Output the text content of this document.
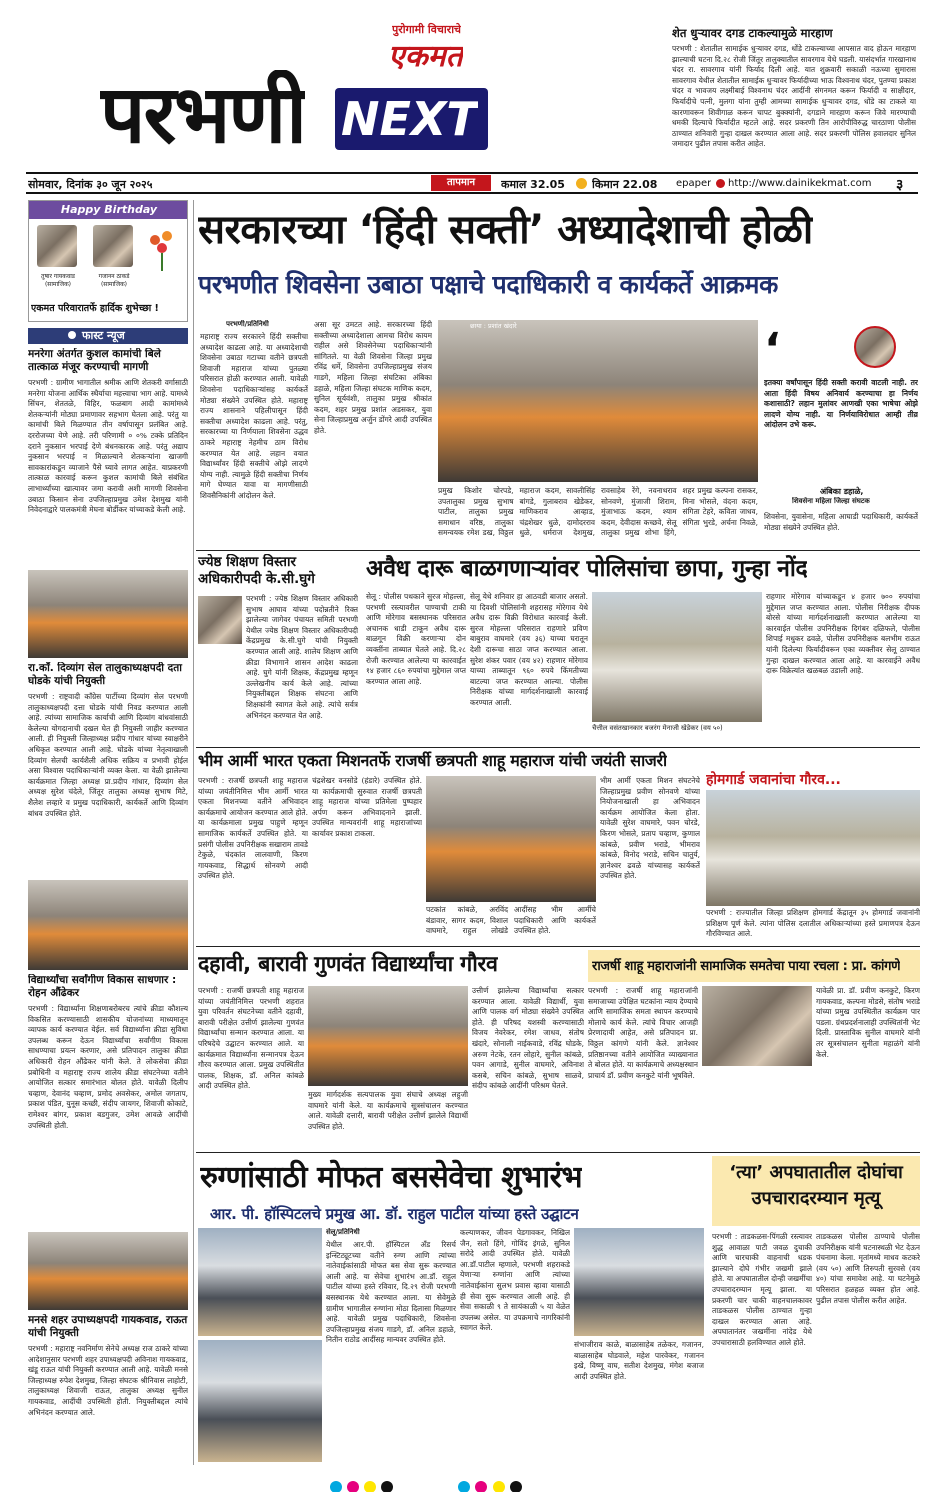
पुरोगामी विचाराचे
एकमत
परभणी NEXT
शेत धुऱ्यावर दगड टाकल्यामुळे मारहाण
परभणी : शेतातील सामाईक धुऱ्यावर दगड, धोंडे टाकल्याच्या आपसात वाद होऊन मारहाण झाल्याची घटना दि.२८ रोजी जिंतूर तालुक्यातील सावरगाव येथे घडली. यासंदर्भात गारखानाथ चंदर रा. सावरगाव यांनी फिर्याद दिली आहे. यात शुक्रवारी सकाळी नऊच्या सुमारास सावरगाव येथील शेतातील सामाईक धुऱ्यावर फिर्यादीच्या भाऊ विश्वनाथ चंदर, पुतण्या प्रकाश चंदर व भावजय लक्ष्मीबाई विश्वनाथ चंदर आदींनी संगनमत करून फिर्यादी व साक्षीदार, फिर्यादीचे पत्नी, मुलगा यांना तुम्ही आमच्या सामाईक धुऱ्यावर दगड, धोंडे का टाकले या कारणावरून शिवीगाळ करून चापट बुक्क्यांनी, दगडाने मारहाण करून जिवे मारण्याची धमकी दिल्याचे फिर्यादीत म्हटले आहे. सदर प्रकरणी तिन आरोपीविरुद्ध चारठाणा पोलीस ठाण्यात शनिवारी गुन्हा दाखल करण्यात आला आहे. सदर प्रकरणी पोलिस हवालदार सुनिल जमादार पुढील तपास करीत आहेत.
सोमवार, दिनांक ३० जून २०२५	तापमान	कमाल 32.05 किमान 22.08 epaper http://www.dainikekmat.com ३
Happy Birthday
तुषार गायकवाड (सामाजिक)
गजानन ठाकडे (सामाजिक)
एकमत परिवारातर्फे हार्दिक शुभेच्छा !
फास्ट न्यूज
मनरेगा अंतर्गत कुशल कामांची बिले तात्काळ मंजूर करण्याची मागणी
परभणी : ग्रामीण भागातील श्रमीक आणि शेतकरी वर्गासाठी मनरेगा योजना आर्थिक स्थैर्याचा महत्त्वाचा भाग आहे. यामध्ये सिंचन, शेततळे, विहिर, फळबाग आदी कामांमध्ये शेतकऱ्यांनी मोठ्या प्रमाणावर सहभाग घेतला आहे. परंतु या कामांची बिले मिळण्यात तीन वर्षापासून प्रलंबित आहे. दररोजच्या येणे आहे. तरी परिणामी ० ०% टक्के प्रतिदिन दराने नुकसान भरपाई देणे बंधनकारक आहे. परंतु अद्याप नुकसान भरपाई न मिळाल्याने शेतकऱ्यांना खाजगी सावकारांकडून व्याजाने पैसे घ्यावे लागत आहेत. याप्रकरणी तात्काळ कारवाई करून कुशल कामांची बिले संबंधित लाभार्थ्यांच्या खात्यावर जमा करावी अशी मागणी शिवसेना उबाठा किसान सेना उपजिल्हाप्रमुख उमेश देशमुख यांनी निवेदनाद्वारे पालकमंत्री मेघना बोर्डीकर यांच्याकडे केली आहे.
रा.काँ. दिव्यांग सेल तालुकाध्यक्षपदी दता घोडके यांची नियुक्ती
परभणी : राष्ट्रवादी कॉंग्रेस पार्टीच्या दिव्यांग सेल परभणी तालुकाध्यक्षपदी दत्ता घोडके यांची निवड करण्यात आली आहे. त्यांच्या सामाजिक कार्याची आणि दिव्यांग बांधवांसाठी केलेल्या योगदानाची दखल घेत ही नियुक्ती जाहीर करण्यात आली. ही नियुक्ती जिल्हाध्यक्ष प्रदीप गांधार यांच्या स्वाक्षरीने अधिकृत करण्यात आली आहे. घोडके यांच्या नेतृत्वाखाली दिव्यांग सेलची कार्यशैली अधिक सक्रिय व प्रभावी होईल असा विश्वास पदाधिकाऱ्यांनी व्यक्त केला. या वेळी झालेल्या कार्यक्रमात जिल्हा अध्यक्ष प्रा.प्रदीप गांधार, दिव्यांग सेल अध्यक्ष सुरेश चंदेले, जिंतूर तालुका अध्यक्ष सुभाष मिटे, शैलेश लव्हारे व प्रमुख पदाधिकारी, कार्यकर्ते आणि दिव्यांग बांधव उपस्थित होते.
विद्यार्थ्यांचा सर्वांगीण विकास साधणार : रोहन औंढेकर
परभणी : विद्यार्थ्यांना शिक्षणाबरोबरच त्यांचे क्रीडा कौशल्य विकसित करण्यासाठी शासकीय योजनांच्या माध्यमातून व्यापक कार्य करण्यात येईल. सर्व विद्यार्थ्यांना क्रीडा सुविधा उपलब्ध करून देऊन विद्यार्थ्यांचा सर्वांगीण विकास साधण्याचा प्रयत्न करणार, असे प्रतिपादन तालुका क्रीडा अधिकारी रोहन औंढेकर यांनी केले. ते लोकसेवा क्रीडा प्रबोधिनी व महाराष्ट्र राज्य शालेय क्रीडा संघटनेच्या वतीने आयोजित सत्कार समारंभात बोलत होते. यावेळी दिलीप चव्हाण, देवानंद चव्हाण, प्रमोद अवसेकर, अमोल जगताप, प्रकाश पंडित, युनूस कच्छी, संदीप जायगर, शिवाजी कोकाटे, रामेश्वर बांगर, प्रकाश बडगुजर, उमेश आवळे आदींची उपस्थिती होती.
मनसे शहर उपाध्यक्षपदी गायकवाड, राऊत यांची नियुक्ती
परभणी : महाराष्ट्र नवनिर्माण सेनेचे अध्यक्ष राज ठाकरे यांच्या आदेशानुसार परभणी शहर उपाध्यक्षपदी अविनाश गायकवाड, खंडू राऊत यांची नियुक्ती करण्यात आली आहे. यावेळी मनसे जिल्हाध्यक्ष रुपेश देशमुख, जिल्हा संघटक श्रीनिवास लाहोटी, तालुकाध्यक्ष शिवाजी राऊत, तालुका अध्यक्ष सुनील गायकवाड, आदींची उपस्थिती होती. नियुक्तीबद्दल त्यांचे अभिनंदन करण्यात आले.
सरकारच्या ‘हिंदी सक्ती’ अध्यादेशाची होळी
परभणीत शिवसेना उबाठा पक्षाचे पदाधिकारी व कार्यकर्ते आक्रमक
परभणी/प्रतिनिधी
महाराष्ट्र राज्य सरकारने हिंदी सक्तीचा अध्यादेश काढला आहे. या अध्यादेशाची शिवसेना उबाठा गटाच्या वतीने छत्रपती शिवाजी महाराज यांच्या पुतळ्या परिसरात होळी करण्यात आली. यावेळी शिवसेना पदाधिकाऱ्यांसह कार्यकर्ते मोठ्या संख्येने उपस्थित होते. महाराष्ट्र राज्य शासनाने पहिलीपासून हिंदी सक्तीचा अध्यादेश काढला आहे. परंतु, सरकारच्या या निर्णयाला शिवसेना उद्धव ठाकरे महाराष्ट्र नेहमीच ठाम विरोध करण्यात येत आहे. लहान वयात विद्यार्थ्यांवर हिंदी सक्तीचे ओझे लादणे योग्य नाही. त्यामुळे हिंदी सक्तीचा निर्णय मागे घेण्यात यावा या मागणीसाठी शिवसैनिकांनी आंदोलन केले.
असा सूर उमटत आहे. सरकारच्या हिंदी सक्तीच्या अध्यादेशाला आमचा विरोध कायम राहील असे शिवसेनेच्या पदाधिकाऱ्यांनी सांगितले. या वेळी शिवसेना जिल्हा प्रमुख रविंद्र धर्मे, शिवसेना उपजिल्हाप्रमुख संजय गाडगे, महिला जिल्हा संघटिका अंबिका डहाळे, महिला जिल्हा संघटक माणिक कदम, सुनिल सूर्यवंशी, तालुका प्रमुख श्रीकांत कदम, शहर प्रमुख प्रशांत अडसकर, युवा सेना जिल्हाप्रमुख अर्जुन डोंगरे आदी उपस्थित होते.
छाया : प्रशांत खंदारे
प्रमुख किशोर चोरपडे, उपतालुका प्रमुख सुभाष पाटील, तालुका प्रमुख समाधान वरिष्ठ, तालुका समन्वयक रमेश डख, विठ्ठल महाराज कदम, सावलीसिंह बांगडे, गुलाबराव खेडेकर, माणिकराव आव्हाड, चंद्रशेखर धुळे, दामोदरराव धुळे, धर्मराज देशमुख, रावसाहेब रेंगे, नवनाथराव सोनवणे, मुंजाजी शिराम, मुंजाभाऊ कदम, श्याम कदम, देवीदास कच्छवे, सेलू तालुका प्रमुख शोभा हिंगे, शहर प्रमुख कल्पना रासकर, मिना भोसले, वंदना कदम, संगिता टेहरे, कविता जाधव, संगिता भुरडे, अर्चना निवळे,
‘
इतक्या वर्षांपासून हिंदी सक्ती करावी वाटली नाही. तर आता हिंदी विषय अनिवार्य करण्याचा हा निर्णय कशासाठी? लहान मुलांवर आणखी एका भाषेचा ओझे लादणे योग्य नाही. या निर्णयाविरोधात आम्ही तीव्र आंदोलन उभे करू.
अंबिका डहाळे,
शिवसेना महिला जिल्हा संघटक
शिवसेना, युवासेना, महिला आघाडी पदाधिकारी, कार्यकर्ते मोठ्या संख्येने उपस्थित होते.
ज्येष्ठ शिक्षण विस्तार अधिकारीपदी के.सी.घुगे
परभणी : ज्येष्ठ शिक्षण विस्तार अधिकारी सुभाष आघाव यांच्या पदोन्नतीने रिक्त झालेल्या जागेवर पंचायत समिती परभणी येथील ज्येष्ठ शिक्षण विस्तार अधिकारीपदी केंद्रप्रमुख के.सी.घुगे यांची नियुक्ती करण्यात आली आहे. शालेय शिक्षण आणि क्रीडा विभागाने शासन आदेश काढला आहे. घुगे यांनी शिक्षक, केंद्रप्रमुख म्हणून उल्लेखनीय कार्य केले आहे. त्यांच्या नियुक्तीबद्दल शिक्षक संघटना आणि शिक्षकांनी स्वागत केले आहे. त्यांचे सर्वत्र अभिनंदन करण्यात येत आहे.
अवैध दारू बाळगणाऱ्यांवर पोलिसांचा छापा, गुन्हा नोंद
सेलू : पोलीस पथकाने सुरज मोहल्ला, परभणी रस्त्यावरील पाण्याची टाकी आणि मोरेगाव बसस्थानक परिसरात अचानक धाडी टाकून अवैध दारू बाळगून विक्री करणाऱ्या दोन व्यक्तींना ताब्यात घेतले आहे. दि.२८ रोजी करण्यात आलेल्या या कारवाईत १४ हजार ८६० रुपयांचा मुद्देमाल जप्त करण्यात आला आहे.
सेलू येथे शनिवार हा आठवडी बाजार असतो. या दिवशी पोलिसांनी शहरासह मोरेगाव येथे अवैध दारू विक्री विरोधात कारवाई केली. सुरज मोहल्ला परिसरात राहणारे प्रविण बाबुराव वाघमारे (वय ३६) याच्या घरातून देशी दारूचा साठा जप्त करण्यात आला. सुरेश शंकर पवार (वय ४२) राहणार मोरेगाव याच्या ताब्यातून ९६० रुपये किंमतीच्या बाटल्या जप्त करण्यात आल्या. पोलीस निरीक्षक यांच्या मार्गदर्शनाखाली कारवाई करण्यात आली.
चैत्तील वसंतखानकार बजरंग मेनाजी खेडेकर (वय ५०)
राहणार मोरेगाव यांच्याकडून ४ हजार ७०० रुपयांचा मुद्देमाल जप्त करण्यात आला. पोलीस निरीक्षक दीपक बोरसे यांच्या मार्गदर्शनाखाली करण्यात आलेल्या या कारवाईत पोलीस उपनिरीक्षक दिगंबर दळिफले, पोलीस शिपाई मधुकर ढवळे, पोलीस उपनिरीक्षक बलभीम राऊत यांनी दिलेल्या फिर्यादीवरून एका व्यक्तीवर सेलू ठाण्यात गुन्हा दाखल करण्यात आला आहे. या कारवाईने अवैध दारू विक्रेत्यांत खळबळ उडाली आहे.
भीम आर्मी भारत एकता मिशनतर्फे राजर्षी छत्रपती शाहू महाराज यांची जयंती साजरी
परभणी : राजर्षी छत्रपती शाहू महाराज यांच्या जयंतीनिमित्त भीम आर्मी भारत एकता मिशनच्या वतीने अभिवादन कार्यक्रमाचे आयोजन करण्यात आले होते. या कार्यक्रमाला प्रमुख पाहुणे म्हणून सामाजिक कार्यकर्ते उपस्थित होते. या प्रसंगी पोलीस उपनिरीक्षक सखाराम तावडे टेकुळे, चंदकांत लालवाणी, किरण गायकवाड, सिद्धार्थ सोनवणे आदी उपस्थित होते.
चंद्रशेखर वनसोडे (हंडारे) उपस्थित होते. या कार्यक्रमाची सुरुवात राजर्षी छत्रपती शाहू महाराज यांच्या प्रतिमेला पुष्पहार अर्पण करून अभिवादनाने झाली. उपस्थित मान्यवरांनी शाहू महाराजांच्या कार्यावर प्रकाश टाकला.
पटकांत कांबळे, अरविंद बंडावार, सागर कदम, विशाल वाघमारे, राहुल लोखंडे आदींसह भीम आर्मीचे पदाधिकारी आणि कार्यकर्ते उपस्थित होते.
भीम आर्मी एकता मिशन संघटनेचे जिल्हाप्रमुख प्रवीण सोनवणे यांच्या नियोजनाखाली हा अभिवादन कार्यक्रम आयोजित केला होता. यावेळी सुरेश वाघमारे, पवन चोरडे, किरण भोसले, प्रताप चव्हाण, कुणाल कांबळे, प्रवीण भराडे, भीमराव कांबळे, विनोद भराडे, सचिन चातुर्य, ज्ञानेश्वर ढवळे यांच्यासह कार्यकर्ते उपस्थित होते.
होमगार्ड जवानांचा गौरव...
परभणी : राज्यातील जिल्हा प्रशिक्षण होमगार्ड केंद्रातून ३५ होमगार्ड जवानांनी प्रशिक्षण पूर्ण केले. त्यांना पोलिस दलातील अधिकाऱ्यांच्या हस्ते प्रमाणपत्र देऊन गौरविण्यात आले.
दहावी, बारावी गुणवंत विद्यार्थ्यांचा गौरव
परभणी : राजर्षी छत्रपती शाहू महाराज यांच्या जयंतीनिमित्त परभणी शहरात युवा परिवर्तन संघटनेच्या वतीने दहावी, बारावी परीक्षेत उत्तीर्ण झालेल्या गुणवंत विद्यार्थ्यांचा सन्मान करण्यात आला. या परिषदेचे उद्घाटन करण्यात आले. या कार्यक्रमात विद्यार्थ्यांना सन्मानपत्र देऊन गौरव करण्यात आला. प्रमुख उपस्थितीत पालक, शिक्षक, डॉ. अनिल कांबळे आदी उपस्थित होते.
मुख्य मार्गदर्शक सत्यपालक युवा संघाचे अध्यक्ष लहुजी वाघमारे यांनी केले. या कार्यक्रमाचे सूत्रसंचालन करण्यात आले. यावेळी दत्तारी, बारावी परीक्षेत उत्तीर्ण झालेले विद्यार्थी उपस्थित होते.
उत्तीर्ण झालेल्या विद्यार्थ्यांचा सत्कार करण्यात आला. यावेळी विद्यार्थी, युवा आणि पालक वर्ग मोठ्या संख्येने उपस्थित होते. ही परिषद यशस्वी करण्यासाठी विजय नेवरेकर, रमेश जाधव, संतोष खंदारे, सोनाली नाईकवाडे, रविंद्र घोडके, अरुण नेटके, रतन लोहारे, सुनील कांबळे, पवन आगाडे, सुनील वाघमारे, अविनाश कसबे, सचिन कांबळे, सुभाष साळवे, संदीप कांबळे आदींनी परिश्रम घेतले.
राजर्षी शाहू महाराजांनी सामाजिक समतेचा पाया रचला : प्रा. कांगणे
परभणी : राजर्षी शाहू महाराजांनी समाजाच्या उपेक्षित घटकांना न्याय देण्याचे आणि सामाजिक समता स्थापन करण्याचे मोलाचे कार्य केले. त्यांचे विचार आजही प्रेरणादायी आहेत, असे प्रतिपादन प्रा. विठ्ठल कांगणे यांनी केले. ज्ञानेश्वर प्रतिष्ठानच्या वतीने आयोजित व्याख्यानात ते बोलत होते. या कार्यक्रमाचे अध्यक्षस्थान प्राचार्य डॉ. प्रवीण कनकुटे यांनी भूषविले.
यावेळी प्रा. डॉ. प्रवीण कनकुटे, किरण गायकवाड, कल्पना मोडसे, संतोष भराडे यांच्या प्रमुख उपस्थितीत कार्यक्रम पार पडला. ग्रंथप्रदर्शनालाही उपस्थितांनी भेट दिली. प्रास्ताविक सुनील वाघमारे यांनी तर सूत्रसंचालन सुनीता महाळंगे यांनी केले.
रुग्णांसाठी मोफत बससेवेचा शुभारंभ
आर. पी. हॉस्पिटलचे प्रमुख आ. डॉ. राहुल पाटील यांच्या हस्ते उद्घाटन
सेलू/प्रतिनिधी
येथील आर.पी. हॉस्पिटल अँड रिसर्च इन्स्टिट्यूटच्या वतीने रुग्ण आणि त्यांच्या नातेवाईकांसाठी मोफत बस सेवा सुरू करण्यात आली आहे. या सेवेचा शुभारंभ आ.डॉ. राहुल पाटील यांच्या हस्ते रविवार, दि.२९ रोजी परभणी बसस्थानक येथे करण्यात आला. या सेवेमुळे ग्रामीण भागातील रुग्णांना मोठा दिलासा मिळणार आहे. यावेळी प्रमुख पदाधिकारी, शिवसेना उपजिल्हाप्रमुख संजय गाडगे, डॉ. अनिल डहाळे, नितीन राठोड आदींसह मान्यवर उपस्थित होते.
कल्याणकर, जीवन पेडगावकर, निखिल जैन, सतो हिंगे, गोविंद इंगळे, सुनिल सरोदे आदी उपस्थित होते. यावेळी आ.डॉ.पाटील म्हणाले, परभणी शहराकडे येणाऱ्या रुग्णांना आणि त्यांच्या नातेवाईकांना सुलभ प्रवास व्हावा यासाठी ही सेवा सुरू करण्यात आली आहे. ही सेवा सकाळी ९ ते सायंकाळी ५ या वेळेत उपलब्ध असेल. या उपक्रमाचे नागरिकांनी स्वागत केले.
संभाजीराव काळे, बाळासाहेब तळेकर, गजानन, बाळासाहेब घोडवाले, महेश पारवेकर, गजानन इखे, विष्णू वाघ, सतीश देशमुख, मंगेश बजाज आदी उपस्थित होते.
‘त्या’ अपघातातील दोघांचा उपचारादरम्यान मृत्यू
परभणी : ताडकळस-पिंगळी रस्त्यावर शुद्ध आवाळा पाटी जवळ दुचाकी आणि चारचाकी वाहनाची धडक झाल्याने दोघे गंभीर जखमी झाले होते. या अपघातातील दोन्ही जखमींचा उपचारादरम्यान मृत्यू झाला. या प्रकरणी चार चाकी वाहनचालकावर ताडकळस पोलीस ठाण्यात गुन्हा दाखल करण्यात आला आहे. अपघातानंतर जखमींना नांदेड येथे उपचारासाठी हलविण्यात आले होते.
ताडकळस पोलीस ठाण्याचे पोलीस उपनिरीक्षक यांनी घटनास्थळी भेट देऊन पंचनामा केला. मृतांमध्ये माधव कटकरे (वय ५०) आणि तिरुपती सुरवसे (वय ४०) यांचा समावेश आहे. या घटनेमुळे परिसरात हळहळ व्यक्त होत आहे. पुढील तपास पोलीस करीत आहेत.
